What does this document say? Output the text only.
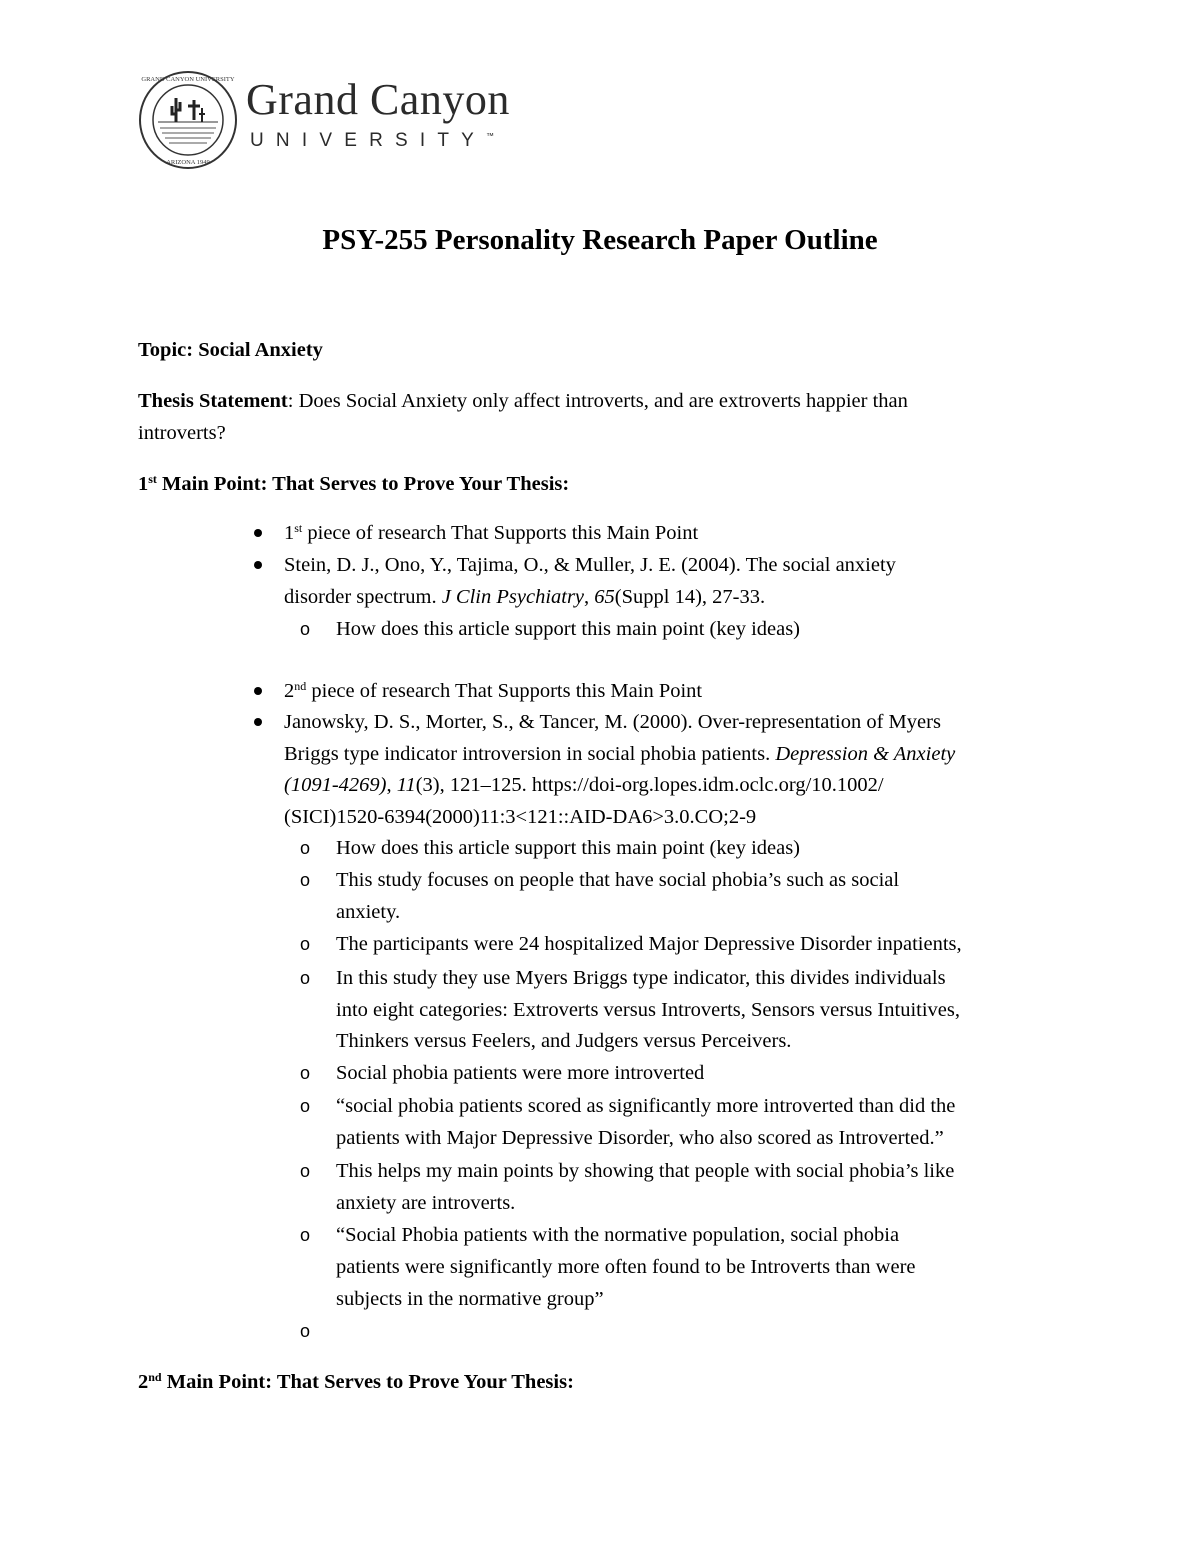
GRAND CANYON UNIVERSITY
ARIZONA 1949
Grand Canyon
UNIVERSITY™
PSY-255 Personality Research Paper Outline
Topic: Social Anxiety
Thesis Statement: Does Social Anxiety only affect introverts, and are extroverts happier than
introverts?
1st Main Point: That Serves to Prove Your Thesis:
1st piece of research That Supports this Main Point
Stein, D. J., Ono, Y., Tajima, O., & Muller, J. E. (2004). The social anxiety
disorder spectrum. J Clin Psychiatry, 65(Suppl 14), 27-33.
o How does this article support this main point (key ideas)
2nd piece of research That Supports this Main Point
Janowsky, D. S., Morter, S., & Tancer, M. (2000). Over-representation of Myers
Briggs type indicator introversion in social phobia patients. Depression & Anxiety
(1091-4269), 11(3), 121–125. https://doi-org.lopes.idm.oclc.org/10.1002/
(SICI)1520-6394(2000)11:3<121::AID-DA6>3.0.CO;2-9
o How does this article support this main point (key ideas)
o This study focuses on people that have social phobia’s such as social
anxiety.
o The participants were 24 hospitalized Major Depressive Disorder inpatients,
o In this study they use Myers Briggs type indicator, this divides individuals
into eight categories: Extroverts versus Introverts, Sensors versus Intuitives,
Thinkers versus Feelers, and Judgers versus Perceivers.
o Social phobia patients were more introverted
o “social phobia patients scored as significantly more introverted than did the
patients with Major Depressive Disorder, who also scored as Introverted.”
o This helps my main points by showing that people with social phobia’s like
anxiety are introverts.
o “Social Phobia patients with the normative population, social phobia
patients were significantly more often found to be Introverts than were
subjects in the normative group”
o
2nd Main Point: That Serves to Prove Your Thesis:
